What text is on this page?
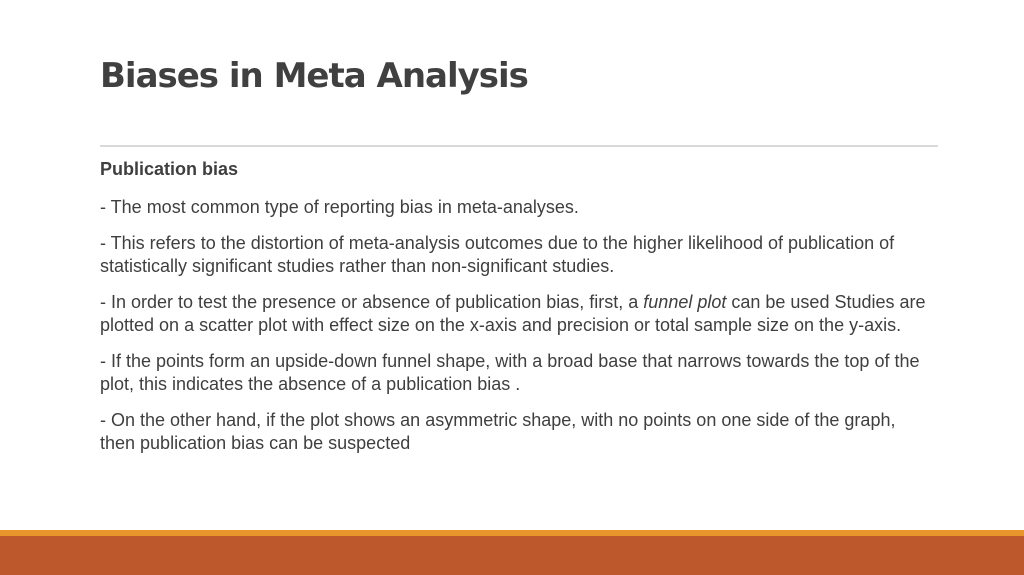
Biases in Meta Analysis

Publication bias

- The most common type of reporting bias in meta-analyses.

- This refers to the distortion of meta-analysis outcomes due to the higher likelihood of publication of statistically significant studies rather than non-significant studies.

- In order to test the presence or absence of publication bias, first, a funnel plot can be used Studies are plotted on a scatter plot with effect size on the x-axis and precision or total sample size on the y-axis.

- If the points form an upside-down funnel shape, with a broad base that narrows towards the top of the plot, this indicates the absence of a publication bias .

- On the other hand, if the plot shows an asymmetric shape, with no points on one side of the graph, then publication bias can be suspected
